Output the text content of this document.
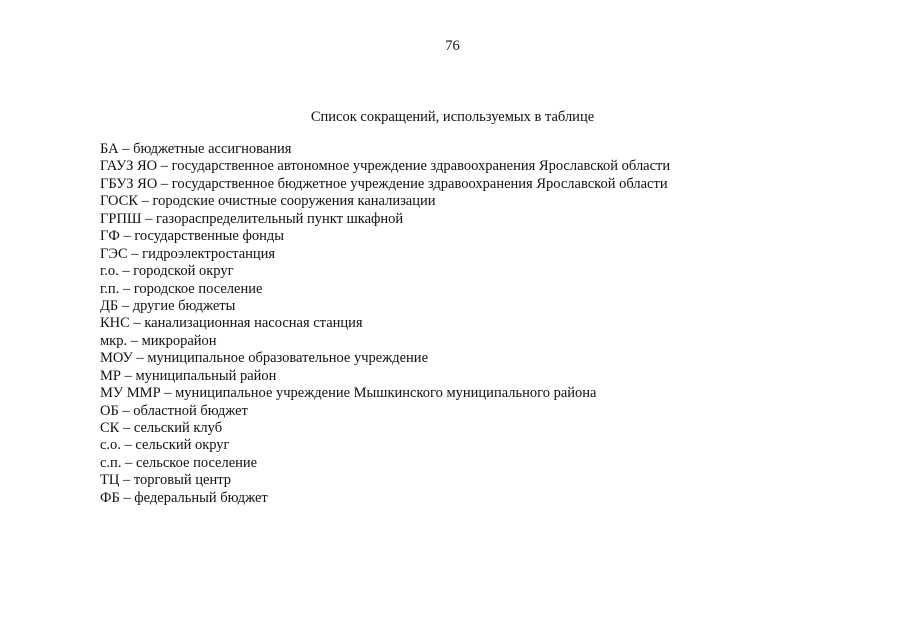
76
Список сокращений, используемых в таблице
БА – бюджетные ассигнования
ГАУЗ ЯО – государственное автономное учреждение здравоохранения Ярославской области
ГБУЗ ЯО – государственное бюджетное учреждение здравоохранения Ярославской области
ГОСК – городские очистные сооружения канализации
ГРПШ – газораспределительный пункт шкафной
ГФ – государственные фонды
ГЭС – гидроэлектростанция
г.о. – городской округ
г.п. – городское поселение
ДБ – другие бюджеты
КНС – канализационная насосная станция
мкр. – микрорайон
МОУ – муниципальное образовательное учреждение
МР – муниципальный район
МУ ММР – муниципальное учреждение Мышкинского муниципального района
ОБ – областной бюджет
СК – сельский клуб
с.о. – сельский округ
с.п. – сельское поселение
ТЦ – торговый центр
ФБ – федеральный бюджет
